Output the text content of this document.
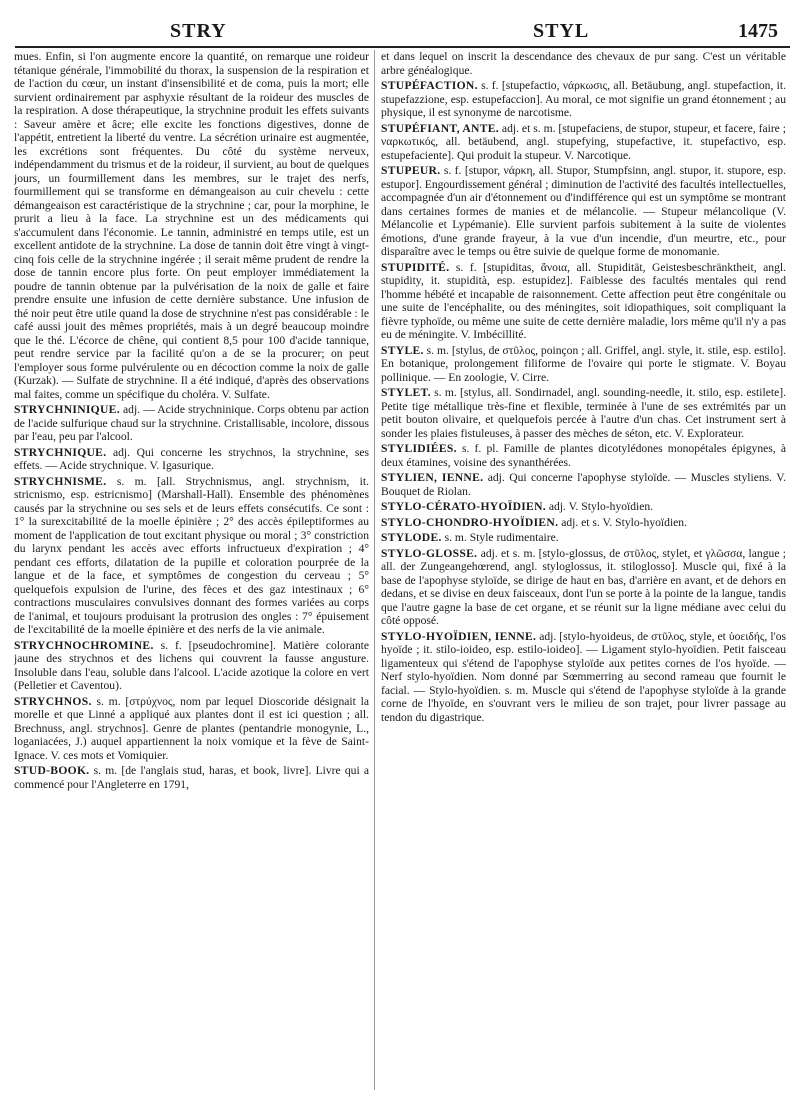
STRY	STYL	1475

mues. Enfin, si l'on augmente encore la quantité, on remarque une roideur tétanique générale, l'immobilité du thorax, la suspension de la respiration et de l'action du cœur, un instant d'insensibilité et de coma, puis la mort; elle survient ordinairement par asphyxie résultant de la roideur des muscles de la respiration. A dose thérapeutique, la strychnine produit les effets suivants : Saveur amère et âcre; elle excite les fonctions digestives, donne de l'appétit, entretient la liberté du ventre. La sécrétion urinaire est augmentée, les excrétions sont fréquentes. Du côté du système nerveux, indépendamment du trismus et de la roideur, il survient, au bout de quelques jours, un fourmillement dans les membres, sur le trajet des nerfs, fourmillement qui se transforme en démangeaison au cuir chevelu : cette démangeaison est caractéristique de la strychnine ; car, pour la morphine, le prurit a lieu à la face. La strychnine est un des médicaments qui s'accumulent dans l'économie. Le tannin, administré en temps utile, est un excellent antidote de la strychnine. La dose de tannin doit être vingt à vingt-cinq fois celle de la strychnine ingérée ; il serait même prudent de rendre la dose de tannin encore plus forte. On peut employer immédiatement la poudre de tannin obtenue par la pulvérisation de la noix de galle et faire prendre ensuite une infusion de cette dernière substance. Une infusion de thé noir peut être utile quand la dose de strychnine n'est pas considérable : le café aussi jouit des mêmes propriétés, mais à un degré beaucoup moindre que le thé. L'écorce de chêne, qui contient 8,5 pour 100 d'acide tannique, peut rendre service par la facilité qu'on a de se la procurer; on peut l'employer sous forme pulvérulente ou en décoction comme la noix de galle (Kurzak). — Sulfate de strychnine. Il a été indiqué, d'après des observations mal faites, comme un spécifique du choléra. V. Sulfate.

STRYCHNINIQUE. adj. — Acide strychninique. Corps obtenu par action de l'acide sulfurique chaud sur la strychnine. Cristallisable, incolore, dissous par l'eau, peu par l'alcool.

STRYCHNIQUE. adj. Qui concerne les strychnos, la strychnine, ses effets. — Acide strychnique. V. Igasurique.

STRYCHNISME. s. m. [all. Strychnismus, angl. strychnism, it. stricnismo, esp. estricnismo] (Marshall-Hall). Ensemble des phénomènes causés par la strychnine ou ses sels et de leurs effets consécutifs. Ce sont : 1° la surexcitabilité de la moelle épinière ; 2° des accès épileptiformes au moment de l'application de tout excitant physique ou moral ; 3° constriction du larynx pendant les accès avec efforts infructueux d'expiration ; 4° pendant ces efforts, dilatation de la pupille et coloration pourprée de la langue et de la face, et symptômes de congestion du cerveau ; 5° quelquefois expulsion de l'urine, des fèces et des gaz intestinaux ; 6° contractions musculaires convulsives donnant des formes variées au corps de l'animal, et toujours produisant la protrusion des ongles : 7° épuisement de l'excitabilité de la moelle épinière et des nerfs de la vie animale.

STRYCHNOCHROMINE. s. f. [pseudochromine]. Matière colorante jaune des strychnos et des lichens qui couvrent la fausse angusture. Insoluble dans l'eau, soluble dans l'alcool. L'acide azotique la colore en vert (Pelletier et Caventou).

STRYCHNOS. s. m. [στρύχνος, nom par lequel Dioscoride désignait la morelle et que Linné a appliqué aux plantes dont il est ici question ; all. Brechnuss, angl. strychnos]. Genre de plantes (pentandrie monogynie, L., loganiacées, J.) auquel appartiennent la noix vomique et la fève de Saint-Ignace. V. ces mots et Vomiquier.

STUD-BOOK. s. m. [de l'anglais stud, haras, et book, livre]. Livre qui a commencé pour l'Angleterre en 1791,

et dans lequel on inscrit la descendance des chevaux de pur sang. C'est un véritable arbre généalogique.

STUPÉFACTION. s. f. [stupefactio, νάρκωσις, all. Betäubung, angl. stupefaction, it. stupefazzione, esp. estupefaccion]. Au moral, ce mot signifie un grand étonnement ; au physique, il est synonyme de narcotisme.

STUPÉFIANT, ANTE. adj. et s. m. [stupefaciens, de stupor, stupeur, et facere, faire ; ναρκωτικός, all. betäubend, angl. stupefying, stupefactive, it. stupefactivo, esp. estupefaciente]. Qui produit la stupeur. V. Narcotique.

STUPEUR. s. f. [stupor, νάρκη, all. Stupor, Stumpfsinn, angl. stupor, it. stupore, esp. estupor]. Engourdissement général ; diminution de l'activité des facultés intellectuelles, accompagnée d'un air d'étonnement ou d'indifférence qui est un symptôme se montrant dans certaines formes de manies et de mélancolie. — Stupeur mélancolique (V. Mélancolie et Lypémanie). Elle survient parfois subitement à la suite de violentes émotions, d'une grande frayeur, à la vue d'un incendie, d'un meurtre, etc., pour disparaître avec le temps ou être suivie de quelque forme de monomanie.

STUPIDITÉ. s. f. [stupiditas, ἄνοια, all. Stupidität, Geistesbeschränktheit, angl. stupidity, it. stupidità, esp. estupidez]. Faiblesse des facultés mentales qui rend l'homme hébété et incapable de raisonnement. Cette affection peut être congénitale ou une suite de l'encéphalite, ou des méningites, soit idiopathiques, soit compliquant la fièvre typhoïde, ou même une suite de cette dernière maladie, lors même qu'il n'y a pas eu de méningite. V. Imbécillité.

STYLE. s. m. [stylus, de στῦλος, poinçon ; all. Griffel, angl. style, it. stile, esp. estilo]. En botanique, prolongement filiforme de l'ovaire qui porte le stigmate. V. Boyau pollinique. — En zoologie, V. Cirre.

STYLET. s. m. [stylus, all. Sondirnadel, angl. sounding-needle, it. stilo, esp. estilete]. Petite tige métallique très-fine et flexible, terminée à l'une de ses extrémités par un petit bouton olivaire, et quelquefois percée à l'autre d'un chas. Cet instrument sert à sonder les plaies fistuleuses, à passer des mèches de séton, etc. V. Explorateur.

STYLIDIÉES. s. f. pl. Famille de plantes dicotylédones monopétales épigynes, à deux étamines, voisine des synanthérées.

STYLIEN, IENNE. adj. Qui concerne l'apophyse styloïde. — Muscles styliens. V. Bouquet de Riolan.

STYLO-CÉRATO-HYOÏDIEN. adj. V. Stylo-hyoïdien.

STYLO-CHONDRO-HYOÏDIEN. adj. et s. V. Stylo-hyoïdien.

STYLODE. s. m. Style rudimentaire.

STYLO-GLOSSE. adj. et s. m. [stylo-glossus, de στῦλος, stylet, et γλῶσσα, langue ; all. der Zungeangehœrend, angl. styloglossus, it. stiloglosso]. Muscle qui, fixé à la base de l'apophyse styloïde, se dirige de haut en bas, d'arrière en avant, et de dehors en dedans, et se divise en deux faisceaux, dont l'un se porte à la pointe de la langue, tandis que l'autre gagne la base de cet organe, et se réunit sur la ligne médiane avec celui du côté opposé.

STYLO-HYOÏDIEN, IENNE. adj. [stylo-hyoideus, de στῦλος, style, et ὑοειδής, l'os hyoïde ; it. stilo-ioideo, esp. estilo-ioideo]. — Ligament stylo-hyoïdien. Petit faisceau ligamenteux qui s'étend de l'apophyse styloïde aux petites cornes de l'os hyoïde. — Nerf stylo-hyoïdien. Nom donné par Sœmmerring au second rameau que fournit le facial. — Stylo-hyoïdien. s. m. Muscle qui s'étend de l'apophyse styloïde à la grande corne de l'hyoïde, en s'ouvrant vers le milieu de son trajet, pour livrer passage au tendon du digastrique.
